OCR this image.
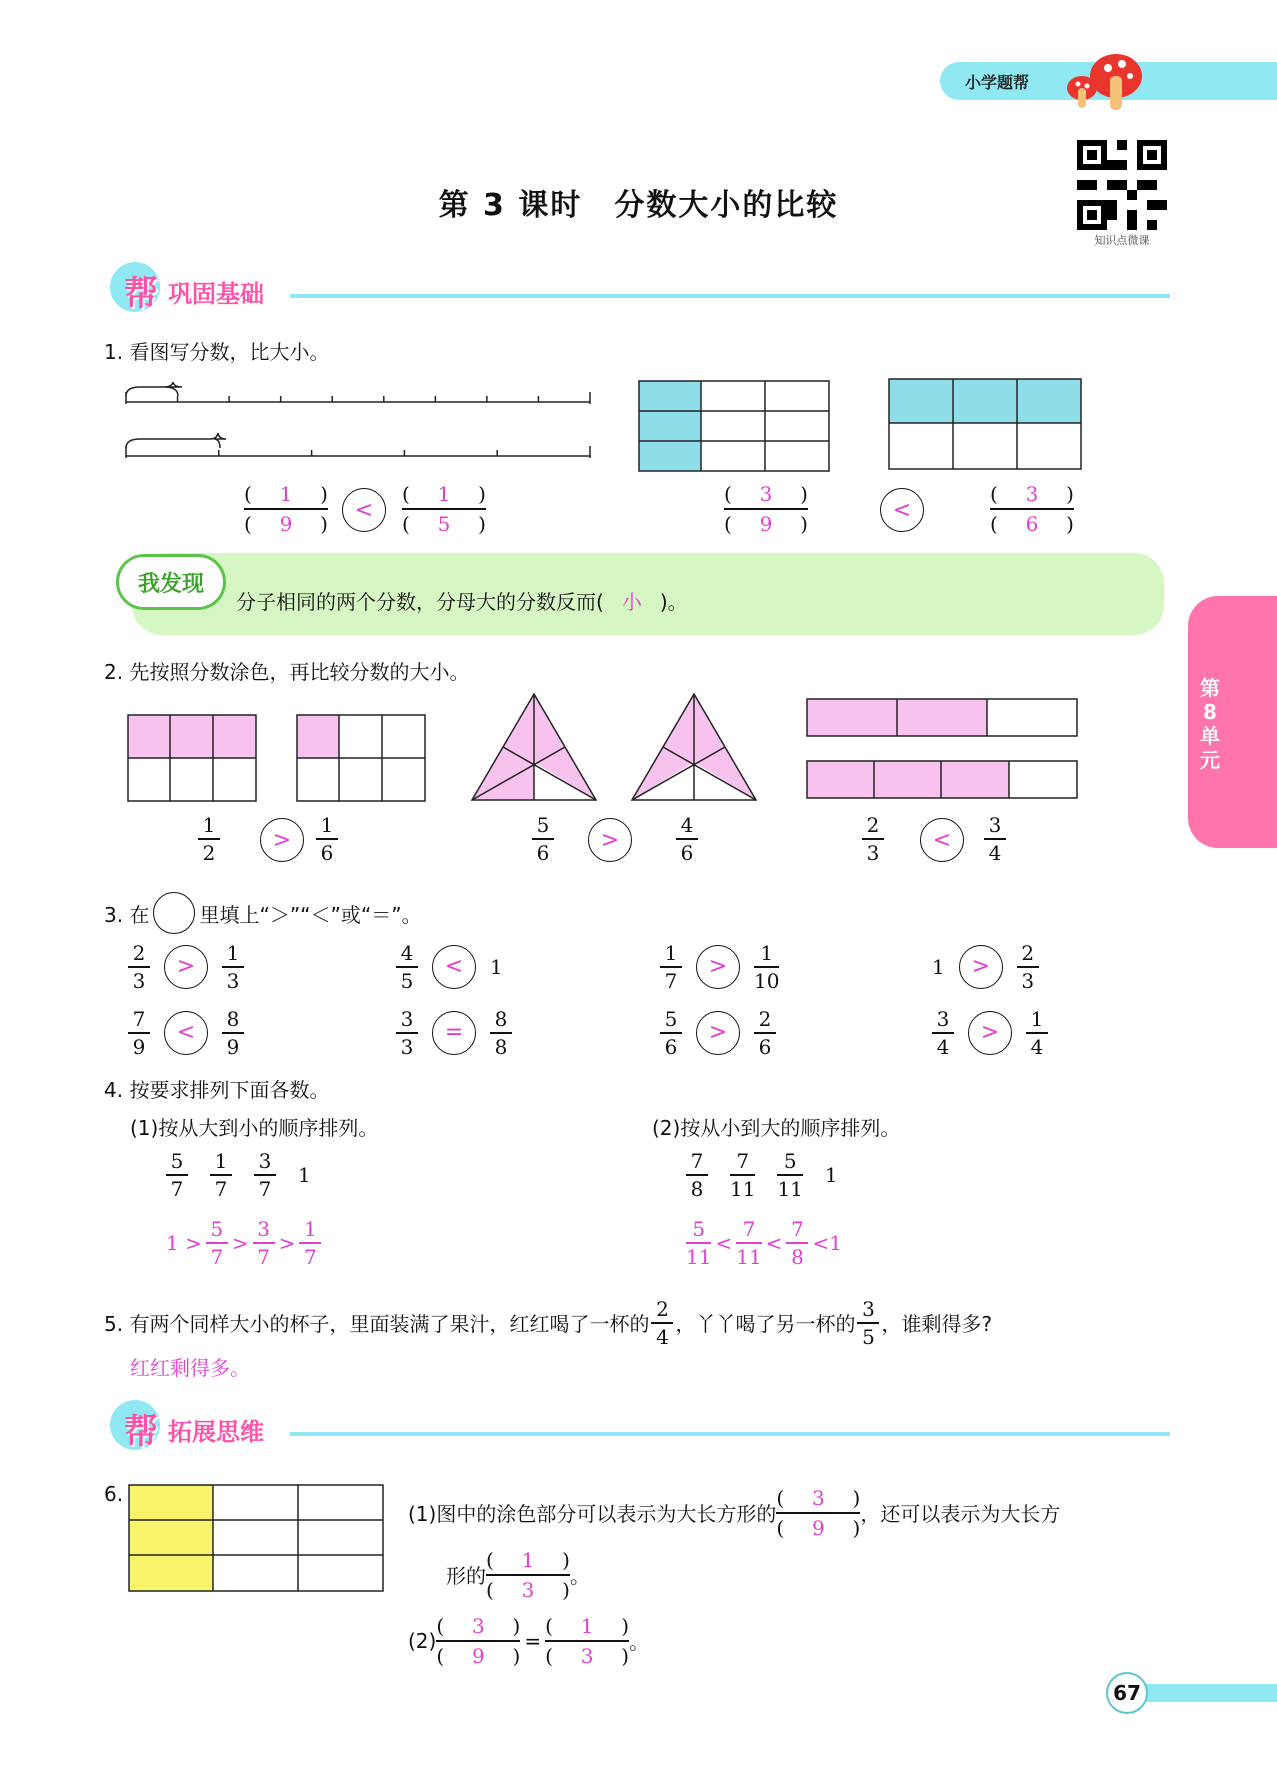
小学题帮
第 3 课时　分数大小的比较
知识点微课
帮 巩固基础
第8单元
1. 看图写分数，比大小。
( 1 )
( 9 )
<
( 1 )
( 5 )
( 3 )
( 9 )
<
( 3 )
( 6 )
我发现
分子相同的两个分数，分母大的分数反而( 小 )。
2. 先按照分数涂色，再比较分数的大小。
3. 在	里填上“＞”“＜”或“＝”。
4. 按要求排列下面各数。
(1)按从大到小的顺序排列。	(2)按从小到大的顺序排列。
5. 有两个同样大小的杯子，里面装满了果汁，红红喝了一杯的 $\frac{2}{4}$ ，丫丫喝了另一杯的 $\frac{3}{5}$ ，谁剩得多?
红红剩得多。
帮 拓展思维
6.
(1)图中的涂色部分可以表示为大长方形的
( 3 )
( 9 )
，还可以表示为大长方
形的
( 1 )
( 3 )
。
(2)
( 3 )
( 9 )
=
( 1 )
( 3 )
。
67
$\frac{1}{2}$	>	$\frac{1}{6}$	$\frac{5}{6}$	>	$\frac{4}{6}$	$\frac{2}{3}$	<	$\frac{3}{4}$
$\frac{2}{3}$	>	$\frac{1}{3}$	$\frac{4}{5}$	<	1	$\frac{1}{7}$	>	$\frac{1}{10}$	1	>	$\frac{2}{3}$
$\frac{7}{9}$	<	$\frac{8}{9}$	$\frac{3}{3}$	=	$\frac{8}{8}$	$\frac{5}{6}$	>	$\frac{2}{6}$	$\frac{3}{4}$	>	$\frac{1}{4}$
$\frac{5}{7} \frac{1}{7} \frac{3}{7} 1$	$\frac{7}{8} \frac{7}{11} \frac{5}{11} 1$
$1 > \frac{5}{7} > \frac{3}{7} > \frac{1}{7}$	$\frac{5}{11} < \frac{7}{11} < \frac{7}{8} <1$
